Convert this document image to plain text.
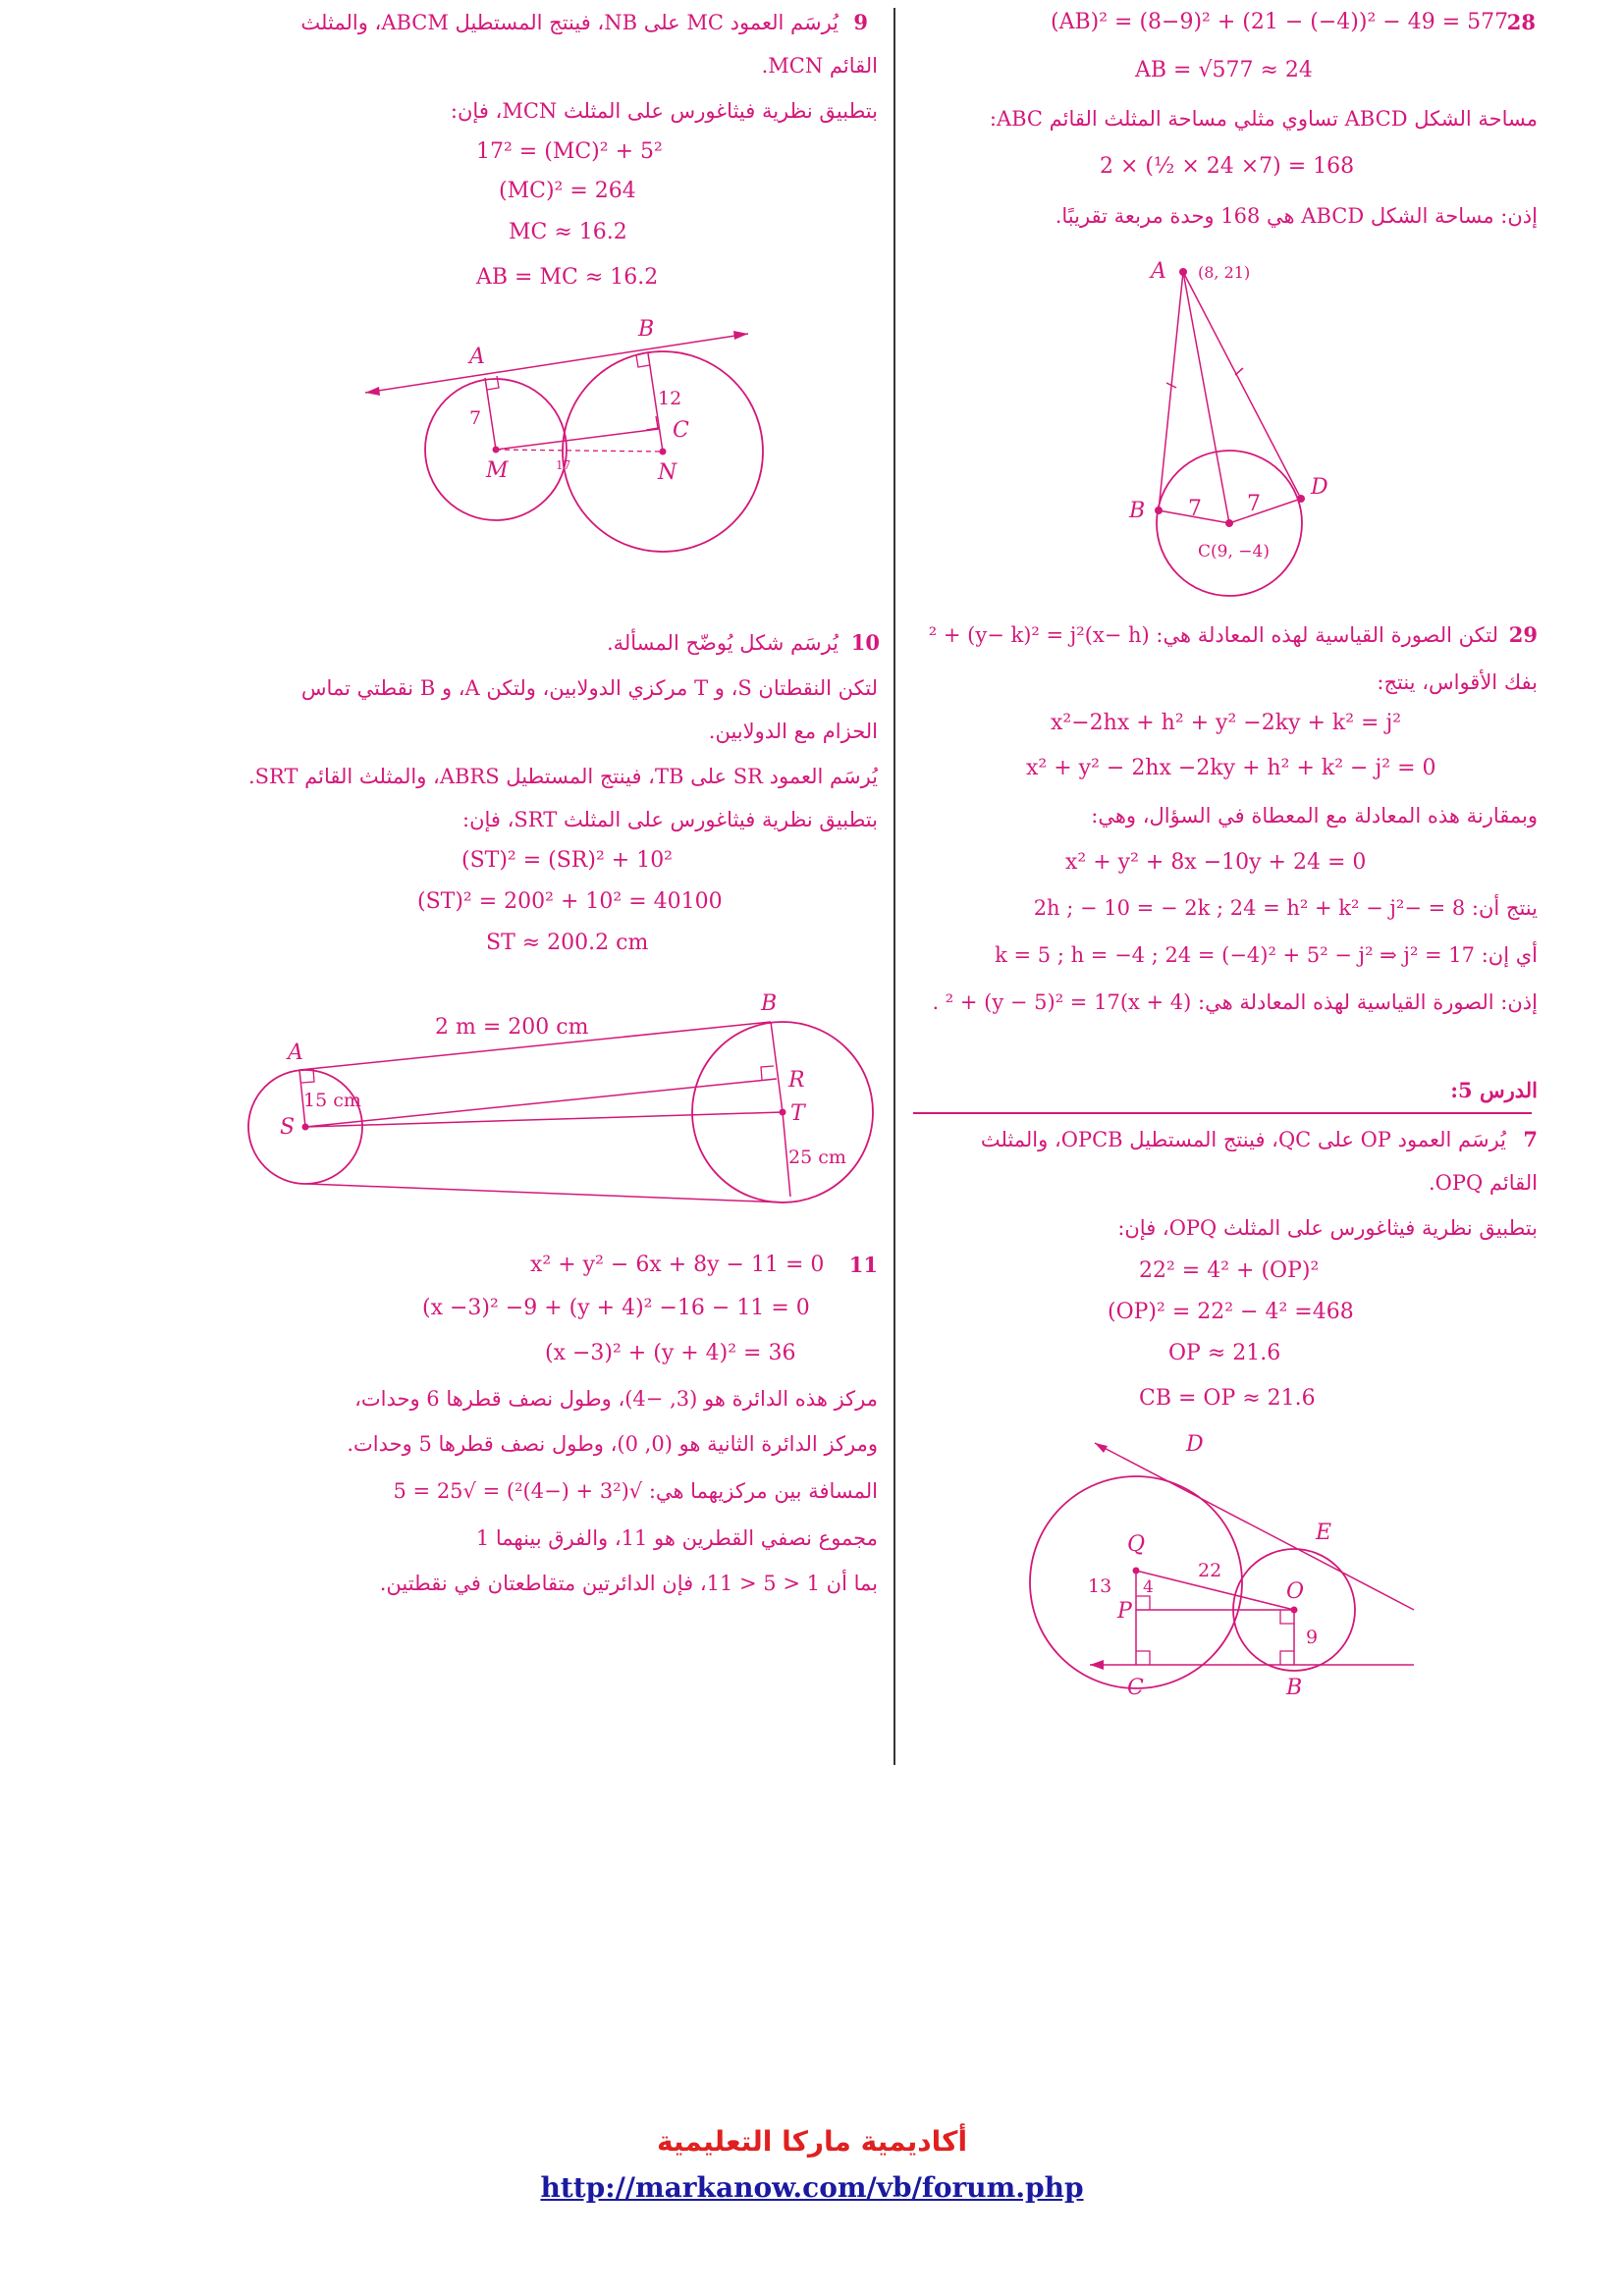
28
(AB)² = (8−9)² + (21 − (−4))² − 49 = 577
AB = √577 ≈ 24
مساحة الشكل ABCD تساوي مثلي مساحة المثلث القائم ABC:
2 × (½ × 24 ×7) = 168
إذن: مساحة الشكل ABCD هي 168 وحدة مربعة تقريبًا.
A (8, 21)
B 7 7
D
C(9, −4)
29
لتكن الصورة القياسية لهذه المعادلة هي: (x− h)² + (y− k)² = j²
بفك الأقواس، ينتج:
x²−2hx + h² + y² −2ky + k² = j²
x² + y² − 2hx −2ky + h² + k² − j² = 0
وبمقارنة هذه المعادلة مع المعطاة في السؤال، وهي:
x² + y² + 8x −10y + 24 = 0
ينتج أن: 8 = −2h ; − 10 = − 2k ; 24 = h² + k² − j²
أي إن: k = 5 ; h = −4 ; 24 = (−4)² + 5² − j² ⇒ j² = 17
إذن: الصورة القياسية لهذه المعادلة هي: (x + 4)² + (y − 5)² = 17 .
الدرس 5:
7
يُرسَم العمود OP على QC، فينتج المستطيل OPCB، والمثلث
القائم OPQ.
بتطبيق نظرية فيثاغورس على المثلث OPQ، فإن:
22² = 4² + (OP)²
(OP)² = 22² − 4² =468
OP ≈ 21.6
CB = OP ≈ 21.6
D
E
Q
O
P
C	B
13 4
22
9
9
يُرسَم العمود MC على NB، فينتج المستطيل ABCM، والمثلث
القائم MCN.
بتطبيق نظرية فيثاغورس على المثلث MCN، فإن:
17² = (MC)² + 5²
(MC)² = 264
MC ≈ 16.2
AB = MC ≈ 16.2
A
B
C
M	N
7
12
17
10
يُرسَم شكل يُوضّح المسألة.
لتكن النقطتان S، و T مركزي الدولابين، ولتكن A، و B نقطتي تماس
الحزام مع الدولابين.
يُرسَم العمود SR على TB، فينتج المستطيل ABRS، والمثلث القائم SRT.
بتطبيق نظرية فيثاغورس على المثلث SRT، فإن:
(ST)² = (SR)² + 10²
(ST)² = 200² + 10² = 40100
ST ≈ 200.2 cm
A
B
R
S
T
2 m = 200 cm
15 cm
25 cm
11
x² + y² − 6x + 8y − 11 = 0
(x −3)² −9 + (y + 4)² −16 − 11 = 0
(x −3)² + (y + 4)² = 36
مركز هذه الدائرة هو (3, −4)، وطول نصف قطرها 6 وحدات،
ومركز الدائرة الثانية هو (0, 0)، وطول نصف قطرها 5 وحدات.
المسافة بين مركزيهما هي: √(3² + (−4)²) = √25 = 5
مجموع نصفي القطرين هو 11، والفرق بينهما 1
بما أن 1 < 5 < 11، فإن الدائرتين متقاطعتان في نقطتين.
أكاديمية ماركا التعليمية
http://markanow.com/vb/forum.php
